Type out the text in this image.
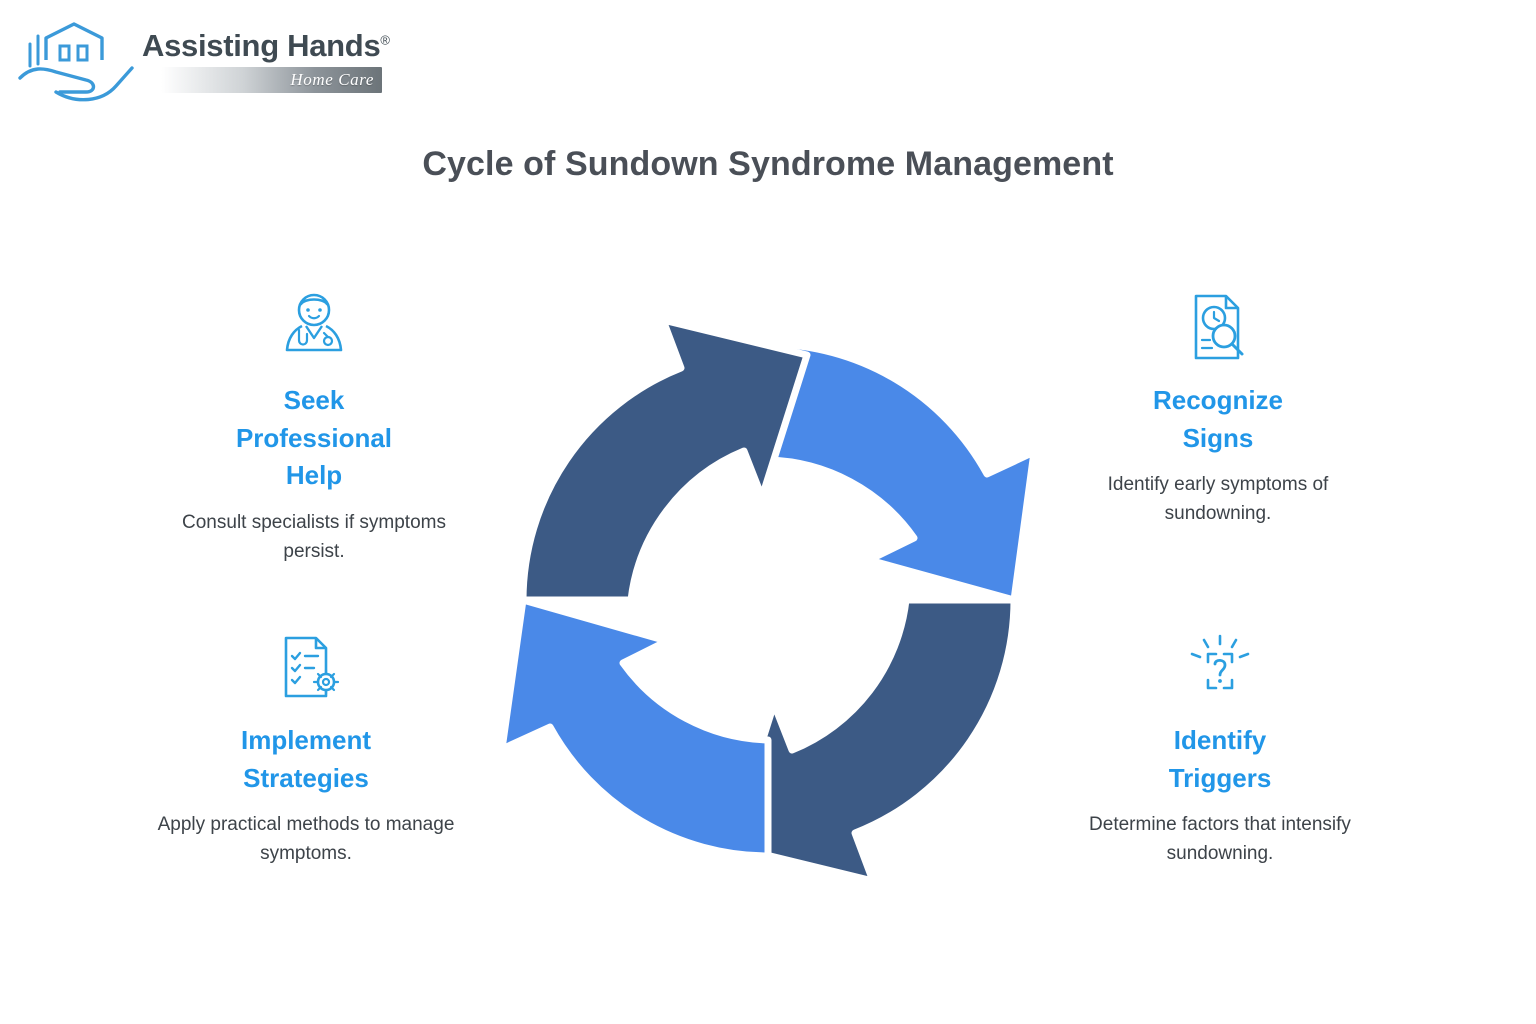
Assisting Hands®
Home Care
Cycle of Sundown Syndrome Management
Seek
Professional
Help
Consult specialists if symptoms persist.
Implement
Strategies
Apply practical methods to manage symptoms.
Recognize
Signs
Identify early symptoms of sundowning.
Identify
Triggers
Determine factors that intensify sundowning.
